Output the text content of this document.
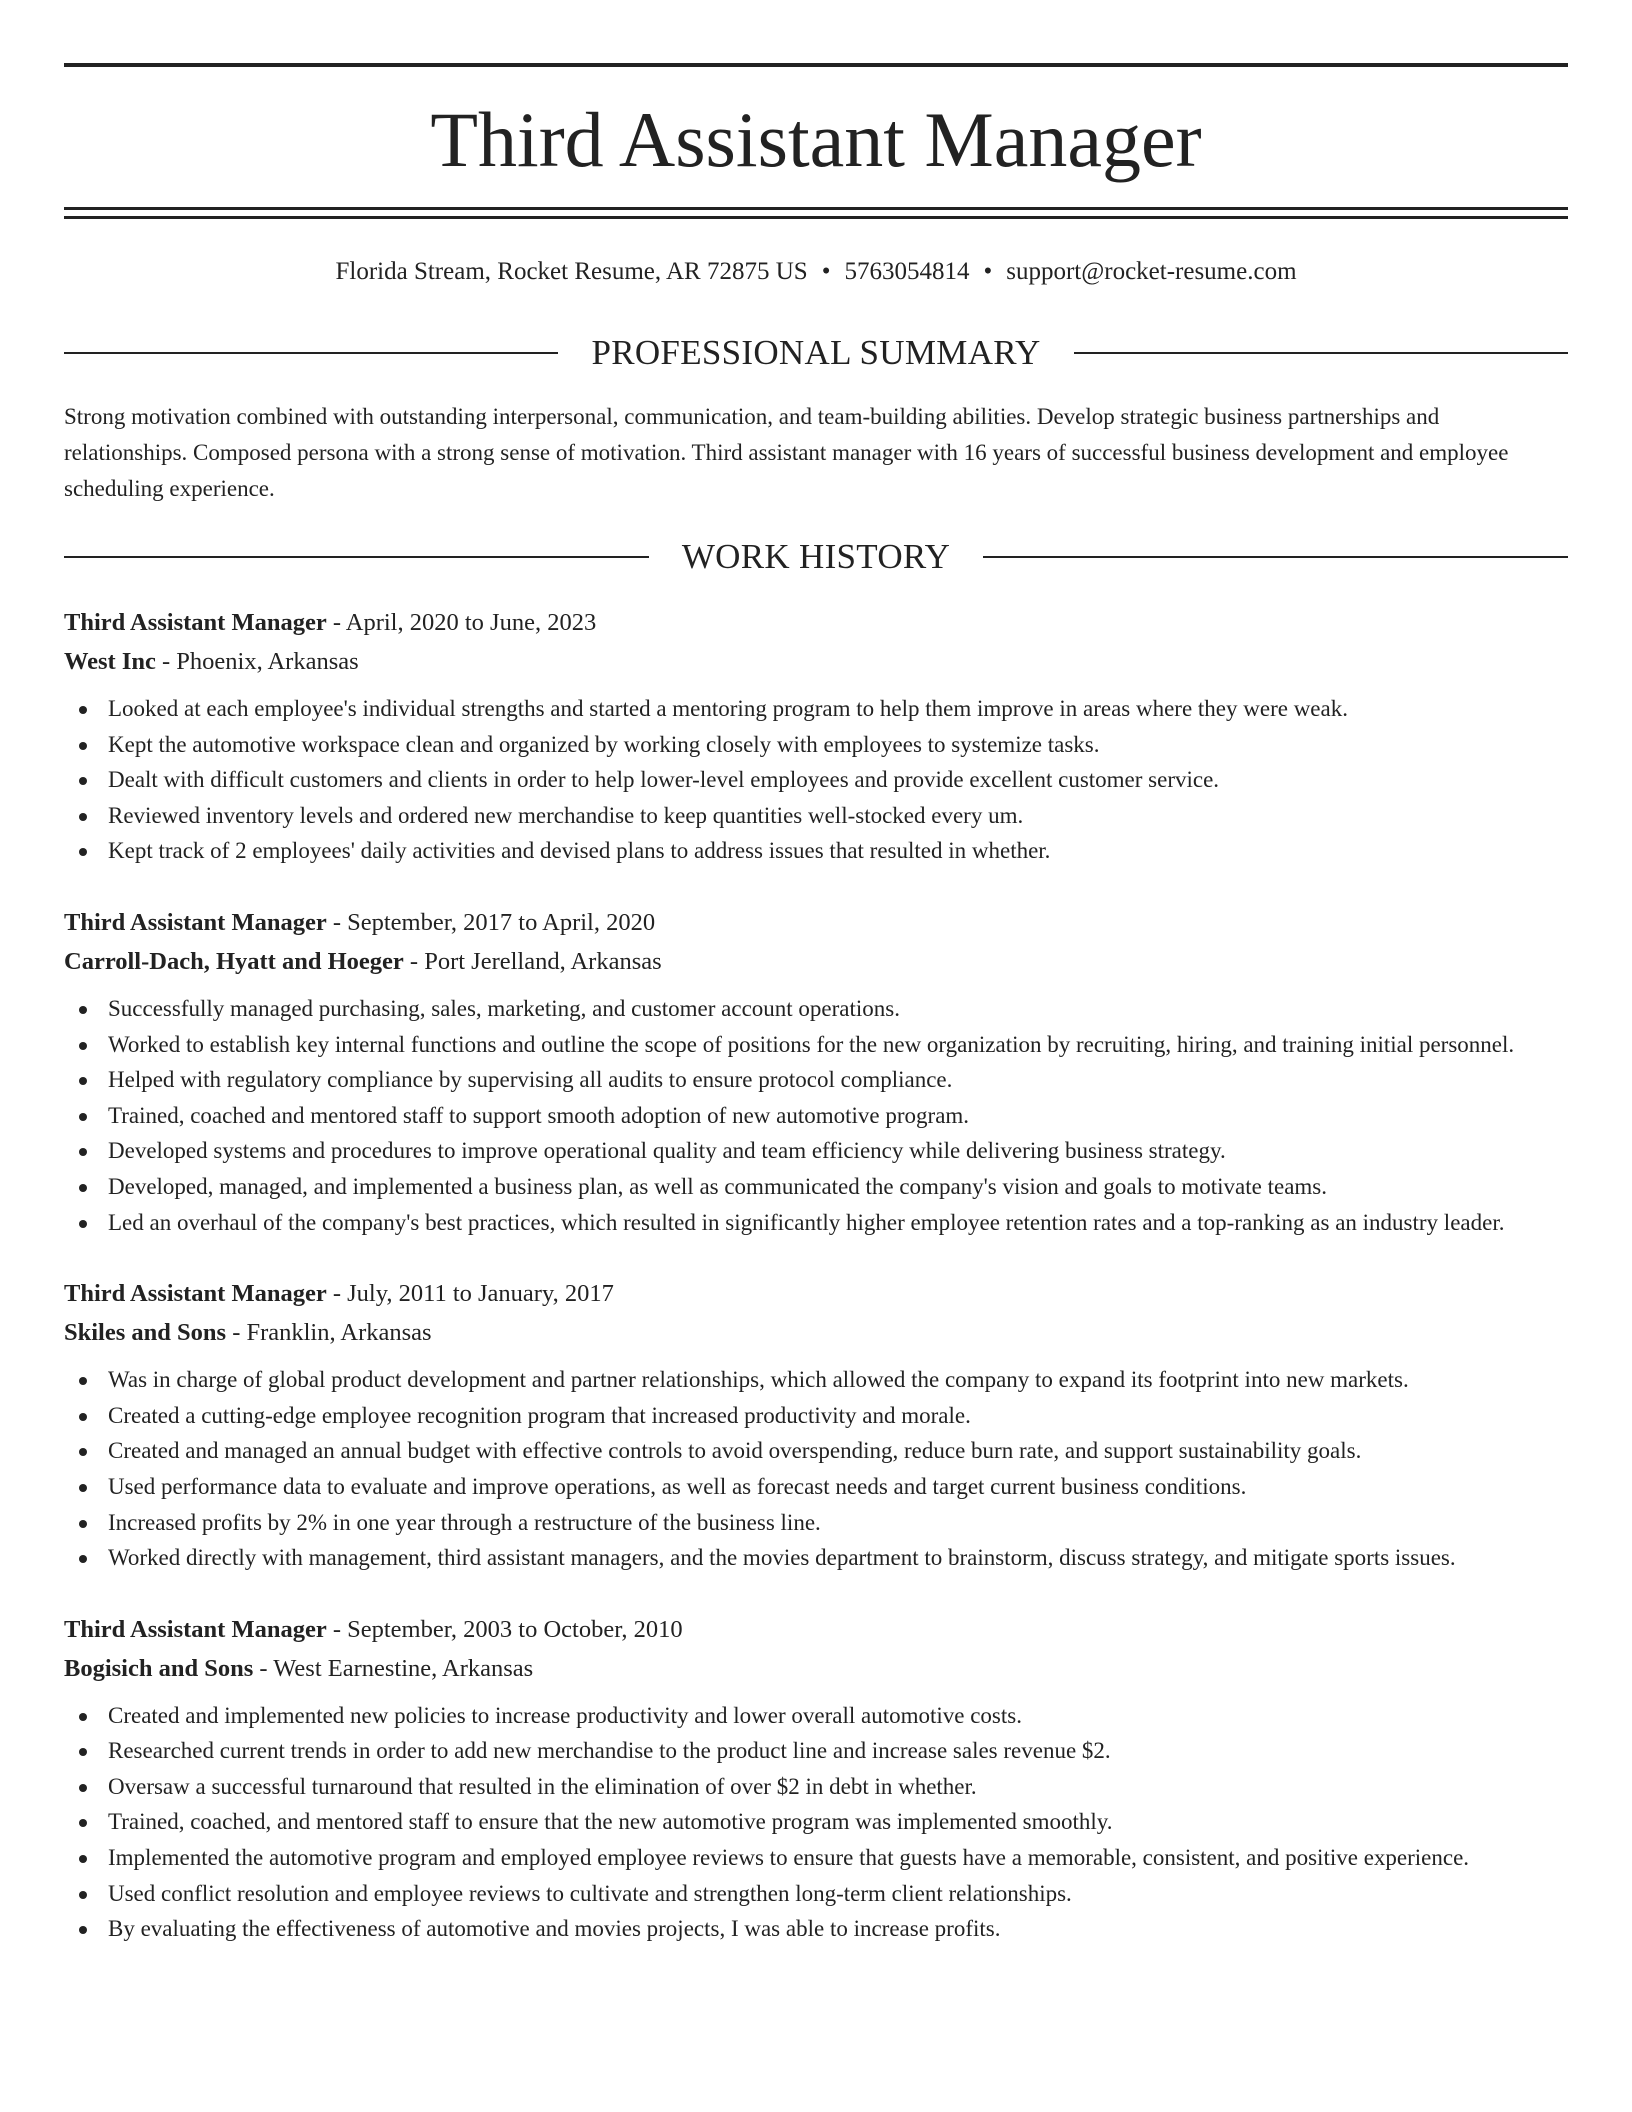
Third Assistant Manager
Florida Stream, Rocket Resume, AR 72875 US • 5763054814 • support@rocket-resume.com
PROFESSIONAL SUMMARY

Strong motivation combined with outstanding interpersonal, communication, and team-building abilities. Develop strategic business partnerships and relationships. Composed persona with a strong sense of motivation. Third assistant manager with 16 years of successful business development and employee scheduling experience.

WORK HISTORY

Third Assistant Manager - April, 2020 to June, 2023

West Inc - Phoenix, Arkansas

Looked at each employee's individual strengths and started a mentoring program to help them improve in areas where they were weak.
Kept the automotive workspace clean and organized by working closely with employees to systemize tasks.
Dealt with difficult customers and clients in order to help lower-level employees and provide excellent customer service.
Reviewed inventory levels and ordered new merchandise to keep quantities well-stocked every um.
Kept track of 2 employees' daily activities and devised plans to address issues that resulted in whether.

Third Assistant Manager - September, 2017 to April, 2020

Carroll-Dach, Hyatt and Hoeger - Port Jerelland, Arkansas

Successfully managed purchasing, sales, marketing, and customer account operations.
Worked to establish key internal functions and outline the scope of positions for the new organization by recruiting, hiring, and training initial personnel.
Helped with regulatory compliance by supervising all audits to ensure protocol compliance.
Trained, coached and mentored staff to support smooth adoption of new automotive program.
Developed systems and procedures to improve operational quality and team efficiency while delivering business strategy.
Developed, managed, and implemented a business plan, as well as communicated the company's vision and goals to motivate teams.
Led an overhaul of the company's best practices, which resulted in significantly higher employee retention rates and a top-ranking as an industry leader.

Third Assistant Manager - July, 2011 to January, 2017

Skiles and Sons - Franklin, Arkansas

Was in charge of global product development and partner relationships, which allowed the company to expand its footprint into new markets.
Created a cutting-edge employee recognition program that increased productivity and morale.
Created and managed an annual budget with effective controls to avoid overspending, reduce burn rate, and support sustainability goals.
Used performance data to evaluate and improve operations, as well as forecast needs and target current business conditions.
Increased profits by 2% in one year through a restructure of the business line.
Worked directly with management, third assistant managers, and the movies department to brainstorm, discuss strategy, and mitigate sports issues.

Third Assistant Manager - September, 2003 to October, 2010

Bogisich and Sons - West Earnestine, Arkansas

Created and implemented new policies to increase productivity and lower overall automotive costs.
Researched current trends in order to add new merchandise to the product line and increase sales revenue $2.
Oversaw a successful turnaround that resulted in the elimination of over $2 in debt in whether.
Trained, coached, and mentored staff to ensure that the new automotive program was implemented smoothly.
Implemented the automotive program and employed employee reviews to ensure that guests have a memorable, consistent, and positive experience.
Used conflict resolution and employee reviews to cultivate and strengthen long-term client relationships.
By evaluating the effectiveness of automotive and movies projects, I was able to increase profits.
